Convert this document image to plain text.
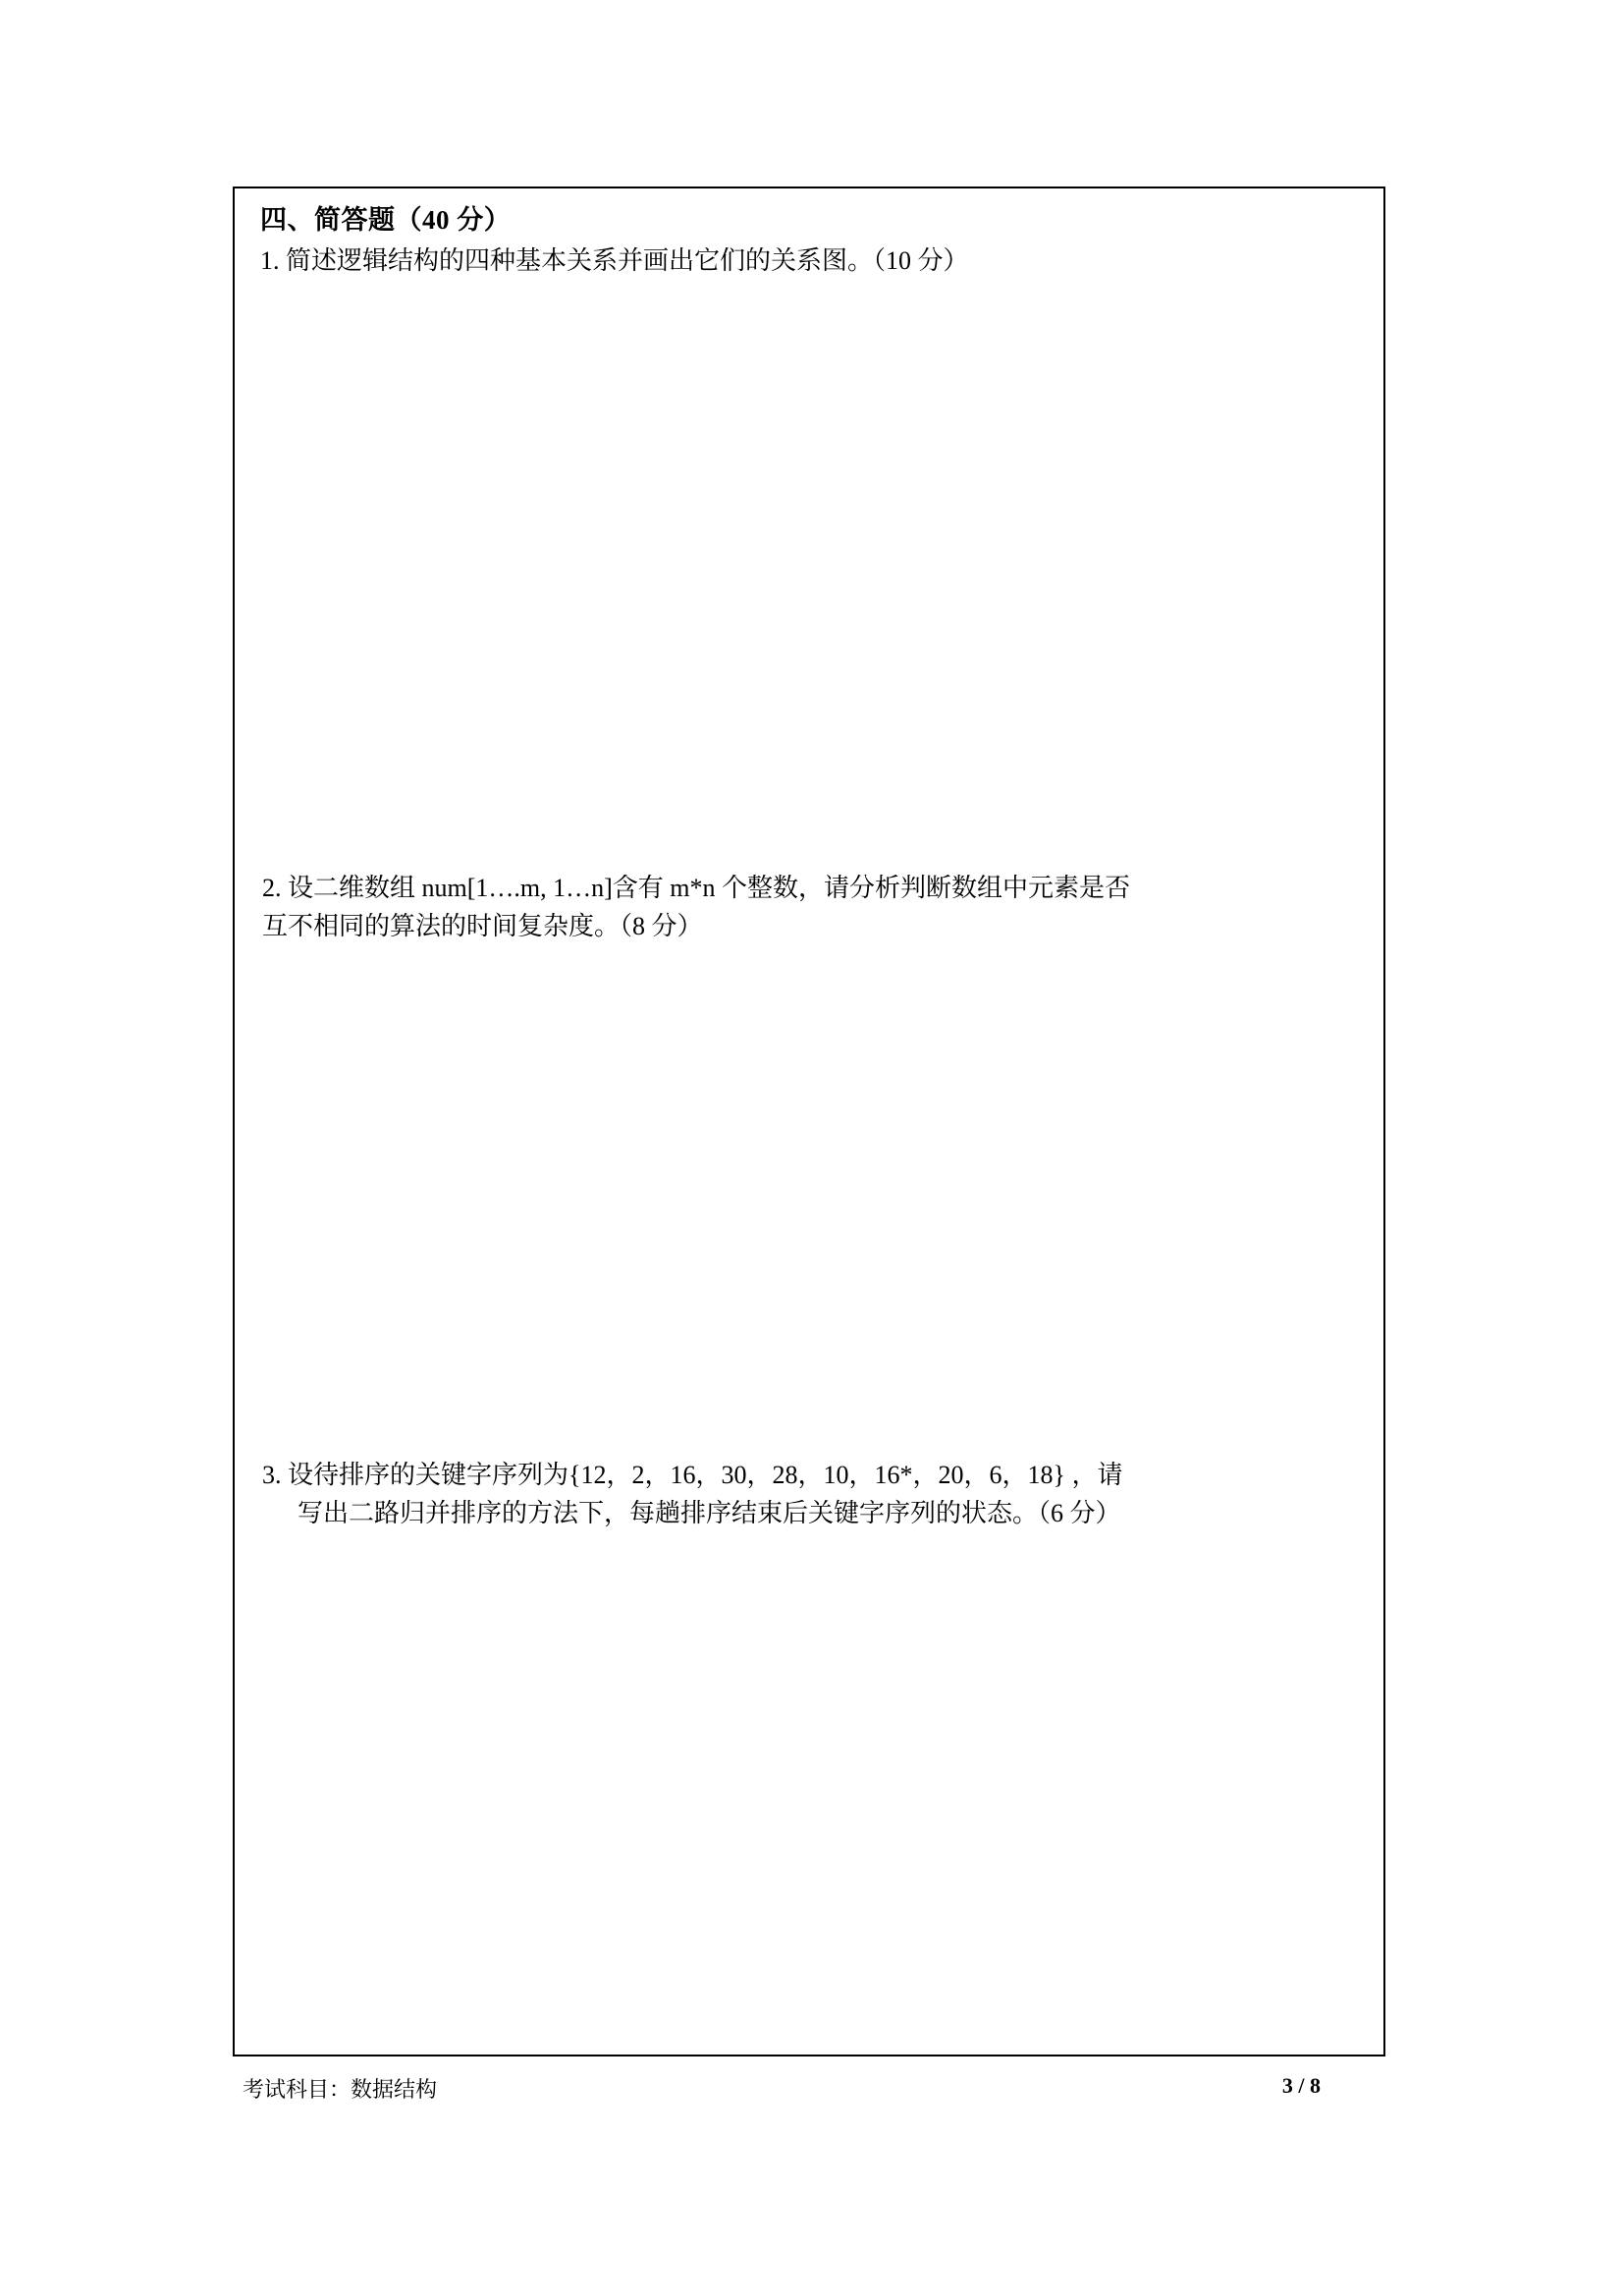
四、简答题（40 分）
1. 简述逻辑结构的四种基本关系并画出它们的关系图。（10 分）
2. 设二维数组 num[1….m, 1…n]含有 m*n 个整数，请分析判断数组中元素是否
互不相同的算法的时间复杂度。（8 分）
3. 设待排序的关键字序列为{12，2，16，30，28，10，16*，20，6，18} ，请
写出二路归并排序的方法下，每趟排序结束后关键字序列的状态。（6 分）
考试科目：数据结构	3 / 8
